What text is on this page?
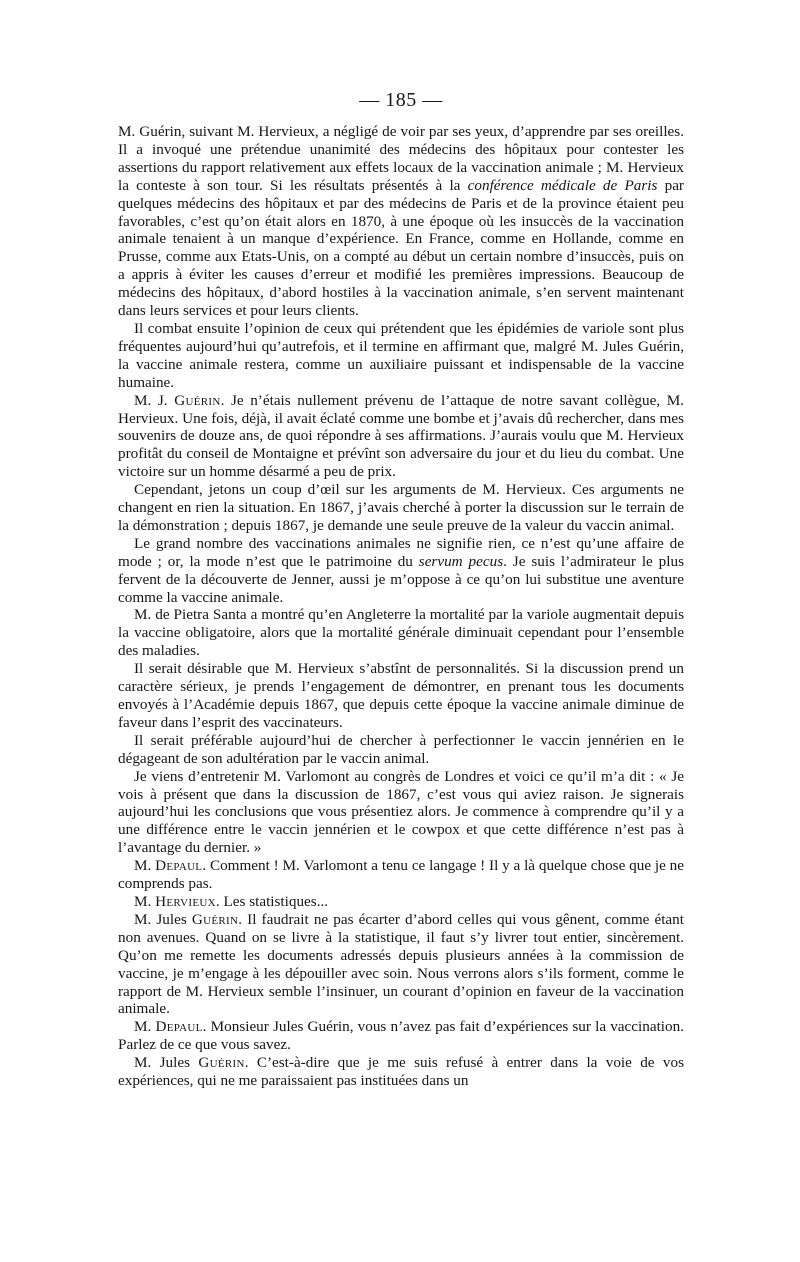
— 185 —

M. Guérin, suivant M. Hervieux, a négligé de voir par ses yeux, d’apprendre par ses oreilles. Il a invoqué une prétendue unanimité des médecins des hôpitaux pour contester les assertions du rapport relativement aux effets locaux de la vaccination animale ; M. Hervieux la conteste à son tour. Si les résultats présentés à la conférence médicale de Paris par quelques médecins des hôpitaux et par des médecins de Paris et de la province étaient peu favorables, c’est qu’on était alors en 1870, à une époque où les insuccès de la vaccination animale tenaient à un manque d’expérience. En France, comme en Hollande, comme en Prusse, comme aux Etats-Unis, on a compté au début un certain nombre d’insuccès, puis on a appris à éviter les causes d’erreur et modifié les premières impressions. Beaucoup de médecins des hôpitaux, d’abord hostiles à la vaccination animale, s’en servent maintenant dans leurs services et pour leurs clients.

Il combat ensuite l’opinion de ceux qui prétendent que les épidémies de variole sont plus fréquentes aujourd’hui qu’autrefois, et il termine en affirmant que, malgré M. Jules Guérin, la vaccine animale restera, comme un auxiliaire puissant et indispensable de la vaccine humaine.

M. J. Guérin. Je n’étais nullement prévenu de l’attaque de notre savant collègue, M. Hervieux. Une fois, déjà, il avait éclaté comme une bombe et j’avais dû rechercher, dans mes souvenirs de douze ans, de quoi répondre à ses affirmations. J’aurais voulu que M. Hervieux profitât du conseil de Montaigne et prévînt son adversaire du jour et du lieu du combat. Une victoire sur un homme désarmé a peu de prix.

Cependant, jetons un coup d’œil sur les arguments de M. Hervieux. Ces arguments ne changent en rien la situation. En 1867, j’avais cherché à porter la discussion sur le terrain de la démonstration ; depuis 1867, je demande une seule preuve de la valeur du vaccin animal.

Le grand nombre des vaccinations animales ne signifie rien, ce n’est qu’une affaire de mode ; or, la mode n’est que le patrimoine du servum pecus. Je suis l’admirateur le plus fervent de la découverte de Jenner, aussi je m’oppose à ce qu’on lui substitue une aventure comme la vaccine animale.

M. de Pietra Santa a montré qu’en Angleterre la mortalité par la variole augmentait depuis la vaccine obligatoire, alors que la mortalité générale diminuait cependant pour l’ensemble des maladies.

Il serait désirable que M. Hervieux s’abstînt de personnalités. Si la discussion prend un caractère sérieux, je prends l’engagement de démontrer, en prenant tous les documents envoyés à l’Académie depuis 1867, que depuis cette époque la vaccine animale diminue de faveur dans l’esprit des vaccinateurs.

Il serait préférable aujourd’hui de chercher à perfectionner le vaccin jennérien en le dégageant de son adultération par le vaccin animal.

Je viens d’entretenir M. Varlomont au congrès de Londres et voici ce qu’il m’a dit : « Je vois à présent que dans la discussion de 1867, c’est vous qui aviez raison. Je signerais aujourd’hui les conclusions que vous présentiez alors. Je commence à comprendre qu’il y a une différence entre le vaccin jennérien et le cowpox et que cette différence n’est pas à l’avantage du dernier. »

M. Depaul. Comment ! M. Varlomont a tenu ce langage ! Il y a là quelque chose que je ne comprends pas.

M. Hervieux. Les statistiques...

M. Jules Guérin. Il faudrait ne pas écarter d’abord celles qui vous gênent, comme étant non avenues. Quand on se livre à la statistique, il faut s’y livrer tout entier, sincèrement. Qu’on me remette les documents adressés depuis plusieurs années à la commission de vaccine, je m’engage à les dépouiller avec soin. Nous verrons alors s’ils forment, comme le rapport de M. Hervieux semble l’insinuer, un courant d’opinion en faveur de la vaccination animale.

M. Depaul. Monsieur Jules Guérin, vous n’avez pas fait d’expériences sur la vaccination. Parlez de ce que vous savez.

M. Jules Guérin. C’est-à-dire que je me suis refusé à entrer dans la voie de vos expériences, qui ne me paraissaient pas instituées dans un
